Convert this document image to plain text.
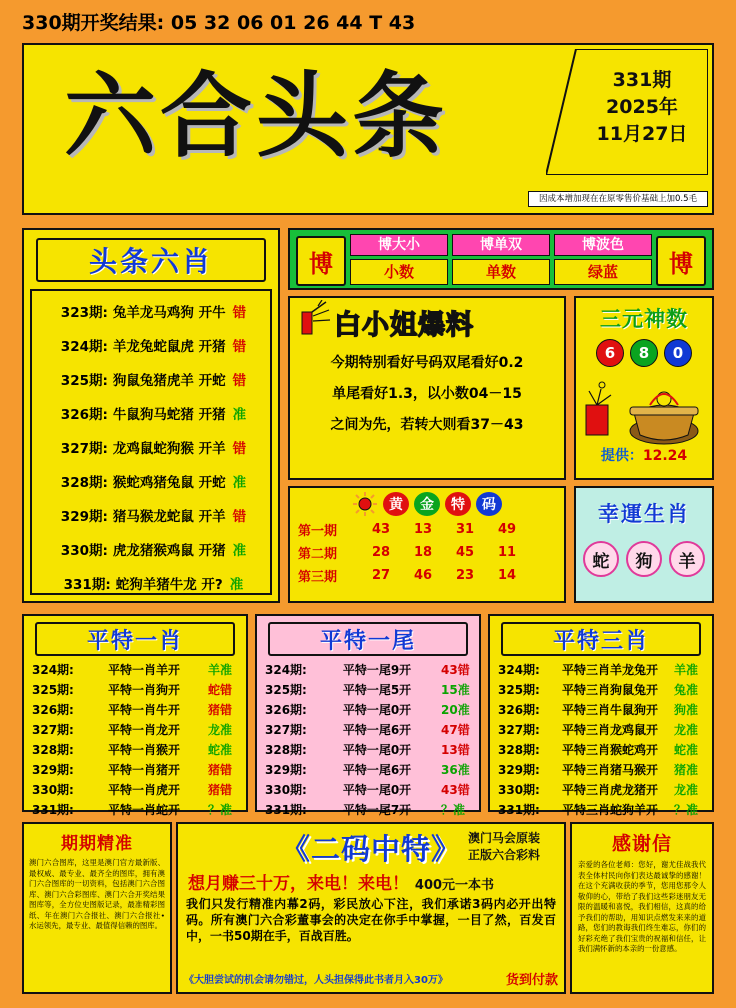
330期开奖结果: 05 32 06 01 26 44 T 43
六合头条	331期
2025年
11月27日
因成本增加现在在原零售价基础上加0.5毛
头条六肖
323期: 兔羊龙马鸡狗 开牛 错
324期: 羊龙兔蛇鼠虎 开猪 错
325期: 狗鼠兔猪虎羊 开蛇 错
326期: 牛鼠狗马蛇猪 开猪 准
327期: 龙鸡鼠蛇狗猴 开羊 错
328期: 猴蛇鸡猪兔鼠 开蛇 准
329期: 猪马猴龙蛇鼠 开羊 错
330期: 虎龙猪猴鸡鼠 开猪 准
331期: 蛇狗羊猪牛龙 开? 准
博	博
博大小
小数
博单双
单数
博波色
绿蓝
白小姐爆料
今期特别看好号码双尾看好0.2
单尾看好1.3，以小数04－15
之间为先，若转大则看37－43
三元神数
6	8	0
提供：12.24
黄	金	特	码
第一期	43	13	31	49
第二期	28	18	45	11
第三期	27	46	23	14
幸運生肖
蛇	狗	羊
平特一肖
324期:	平特一肖羊开	羊准
325期:	平特一肖狗开	蛇错
326期:	平特一肖牛开	猪错
327期:	平特一肖龙开	龙准
328期:	平特一肖猴开	蛇准
329期:	平特一肖猪开	猪错
330期:	平特一肖虎开	猪错
331期:	平特一肖蛇开	？准
平特一尾
324期:	平特一尾9开	43错
325期:	平特一尾5开	15准
326期:	平特一尾0开	20准
327期:	平特一尾6开	47错
328期:	平特一尾0开	13错
329期:	平特一尾6开	36准
330期:	平特一尾0开	43错
331期:	平特一尾7开	？准
平特三肖
324期:	平特三肖羊龙兔开	羊准
325期:	平特三肖狗鼠兔开	兔准
326期:	平特三肖牛鼠狗开	狗准
327期:	平特三肖龙鸡鼠开	龙准
328期:	平特三肖猴蛇鸡开	蛇准
329期:	平特三肖猪马猴开	猪准
330期:	平特三肖虎龙猪开	龙准
331期:	平特三肖蛇狗羊开	？准
期期精准
澳门六合图库，这里是澳门官方最新版、最权威、最专业、最齐全的图库，拥有澳门六合图库的一切资料，包括澳门六合图库、澳门六合彩图库、澳门六合开奖结果图库等，全方位史图版记录，最准精彩图纸、年在澳门六合报社、澳门六合报社•水运领先，最专业、最值得信赖的图库。
澳门马会原装
正版六合彩料
《二码中特》
想月赚三十万，来电！来电！ 400元一本书
我们只发行精准内幕2码，彩民放心下注，我们承诺3码内必开出特码。所有澳门六合彩董事会的决定在你手中掌握，一目了然，百发百中，一书50期在手，百战百胜。
《大胆尝试的机会请勿错过，人头担保得此书者月入30万》	货到付款
感谢信
亲爱的各位老师：您好，谢尤佳战我代表全体村民向你们表达最诚挚的感谢！在这个充满收获的季节，您用您那令人敬仰的心，带给了我们这些彩迷朋友无限的温暖和喜悦，我们相信，这真的给予我们的帮助，用知识点燃发来来的道路，您们的教诲我们终生难忘，你们的好彩充绝了我们宝贵的祝福和信任，让我们满怀新的本亲的一份意感。
